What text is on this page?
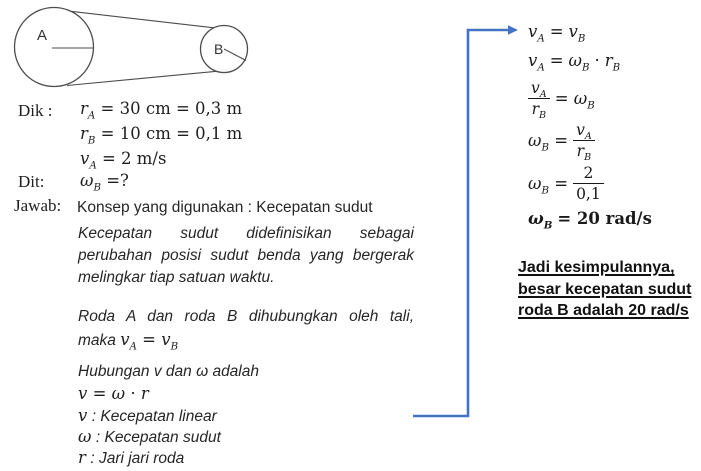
A
B
Dik : $r_A = 30$ cm = 0,3 m
$r_B = 10$ cm = 0,1 m
$v_A = 2$ m/s
Dit: $\omega_B$ =?
Jawab: Konsep yang digunakan : Kecepatan sudut
Kecepatan sudut didefinisikan sebagai
perubahan posisi sudut benda yang bergerak
melingkar tiap satuan waktu.
Roda A dan roda B dihubungkan oleh tali,
maka $v_A = v_B$
Hubungan v dan ω adalah
v = ω · r
v : Kecepatan linear
ω : Kecepatan sudut
r : Jari jari roda
$v_A = v_B$
$v_A = \omega_B \cdot r_B$
$\frac{v_A}{r_B} = \omega_B$
$\omega_B = \frac{v_A}{r_B}$
$\omega_B = \frac{2}{0,1}$
$\omega_B = 20$ rad/s
Jadi kesimpulannya,
besar kecepatan sudut
roda B adalah 20 rad/s
